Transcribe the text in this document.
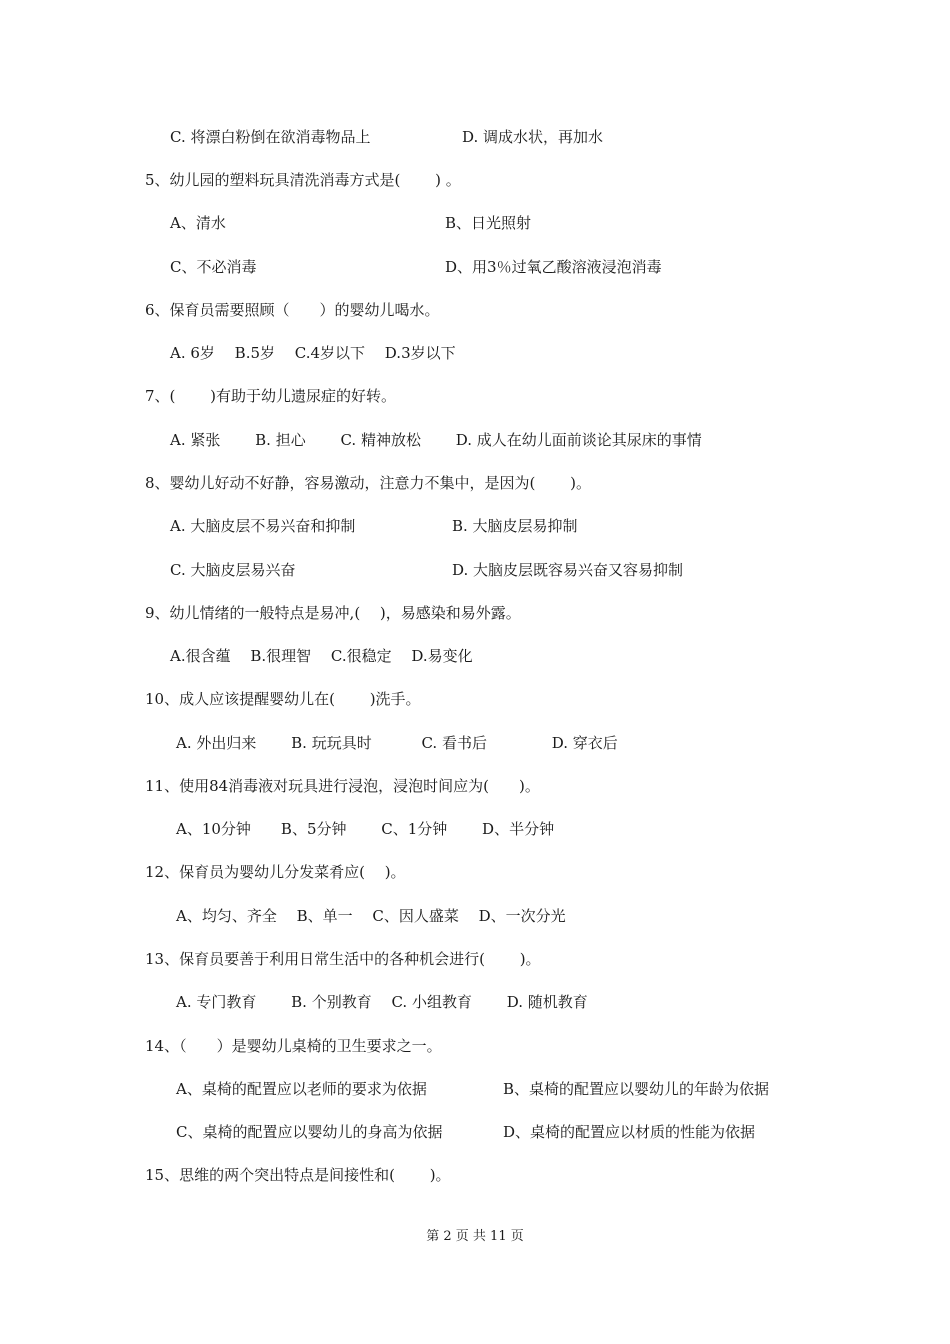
C. 将漂白粉倒在欲消毒物品上	D. 调成水状，再加水
5、幼儿园的塑料玩具清洗消毒方式是(　　 ) 。
A、清水	B、日光照射
C、不必消毒	D、用3％过氧乙酸溶液浸泡消毒
6、保育员需要照顾（　　）的婴幼儿喝水。
A. 6岁　 B.5岁　 C.4岁以下　 D.3岁以下
7、(　　 )有助于幼儿遗尿症的好转。
A. 紧张　　 B. 担心　　 C. 精神放松　　 D. 成人在幼儿面前谈论其尿床的事情
8、婴幼儿好动不好静，容易激动，注意力不集中，是因为(　　 )。
A. 大脑皮层不易兴奋和抑制	B. 大脑皮层易抑制
C. 大脑皮层易兴奋	D. 大脑皮层既容易兴奋又容易抑制
9、幼儿情绪的一般特点是易冲,(　 )，易感染和易外露。
A.很含蕴　 B.很理智　 C.很稳定　 D.易变化
10、成人应该提醒婴幼儿在(　　 )洗手。
A. 外出归来　　 B. 玩玩具时　　　 C. 看书后　　　　 D. 穿衣后
11、使用84消毒液对玩具进行浸泡，浸泡时间应为(　　)。
A、10分钟　　B、5分钟　　 C、1分钟　　 D、半分钟
12、保育员为婴幼儿分发菜肴应(　 )。
A、均匀、齐全　 B、单一　 C、因人盛菜　 D、一次分光
13、保育员要善于利用日常生活中的各种机会进行(　　 )。
A. 专门教育　　 B. 个别教育　 C. 小组教育　　 D. 随机教育
14、（　　）是婴幼儿桌椅的卫生要求之一。
A、桌椅的配置应以老师的要求为依据	B、桌椅的配置应以婴幼儿的年龄为依据
C、桌椅的配置应以婴幼儿的身高为依据	D、桌椅的配置应以材质的性能为依据
15、思维的两个突出特点是间接性和(　　 )。
第 2 页 共 11 页
